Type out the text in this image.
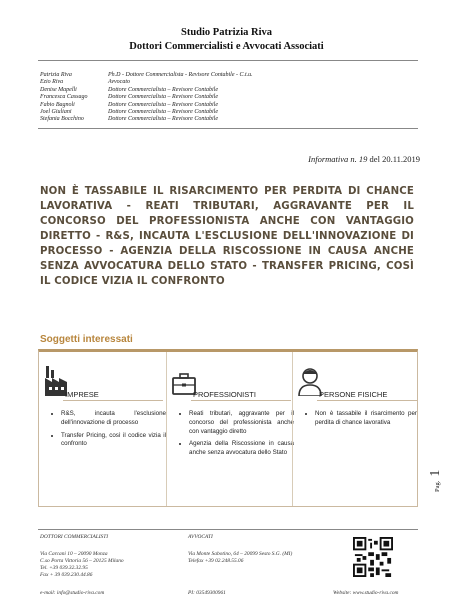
Studio Patrizia Riva
Dottori Commercialisti e Avvocati Associati
Patrizia Riva	Ph.D - Dottore Commercialista - Revisore Contabile - C.t.u.
Ezio Riva	Avvocato
Denise Mapelli	Dottore Commercialista – Revisore Contabile
Francesca Cassago	Dottore Commercialista – Revisore Contabile
Fabio Bagnoli	Dottore Commercialista – Revisore Contabile
Joel Giuliani	Dottore Commercialista – Revisore Contabile
Stefania Bocchino	Dottore Commercialista – Revisore Contabile
Informativa n. 19 del 20.11.2019
NON È TASSABILE IL RISARCIMENTO PER PERDITA DI CHANCE LAVORATIVA - REATI TRIBUTARI, AGGRAVANTE PER IL CONCORSO DEL PROFESSIONISTA ANCHE CON VANTAGGIO DIRETTO - R&S, INCAUTA L'ESCLUSIONE DELL'INNOVAZIONE DI PROCESSO - AGENZIA DELLA RISCOSSIONE IN CAUSA ANCHE SENZA AVVOCATURA DELLO STATO - TRANSFER PRICING, COSÌ IL CODICE VIZIA IL CONFRONTO
Soggetti interessati
IMPRESE
• R&S, incauta l'esclusione dell'innovazione di processo
• Transfer Pricing, così il codice vizia il confronto
PROFESSIONISTI
• Reati tributari, aggravante per il concorso del professionista anche con vantaggio diretto
• Agenzia della Riscossione in causa anche senza avvocatura dello Stato
PERSONE FISICHE
• Non è tassabile il risarcimento per perdita di chance lavorativa
Pag. 1
DOTTORI COMMERCIALISTI
Via Carcani 10 – 20090 Monza
C.so Porta Vittoria 56 – 20125 Milano
Tel. +39 039.32.32.95
Fax + 39 039.230.44.86
AVVOCATI
Via Monte Sabotino, 64 – 20099 Sesto S.G. (MI)
Telefax +39 02.248.55.06
e-mail: info@studio-riva.com	PI: 03549300961	Website: www.studio-riva.com
